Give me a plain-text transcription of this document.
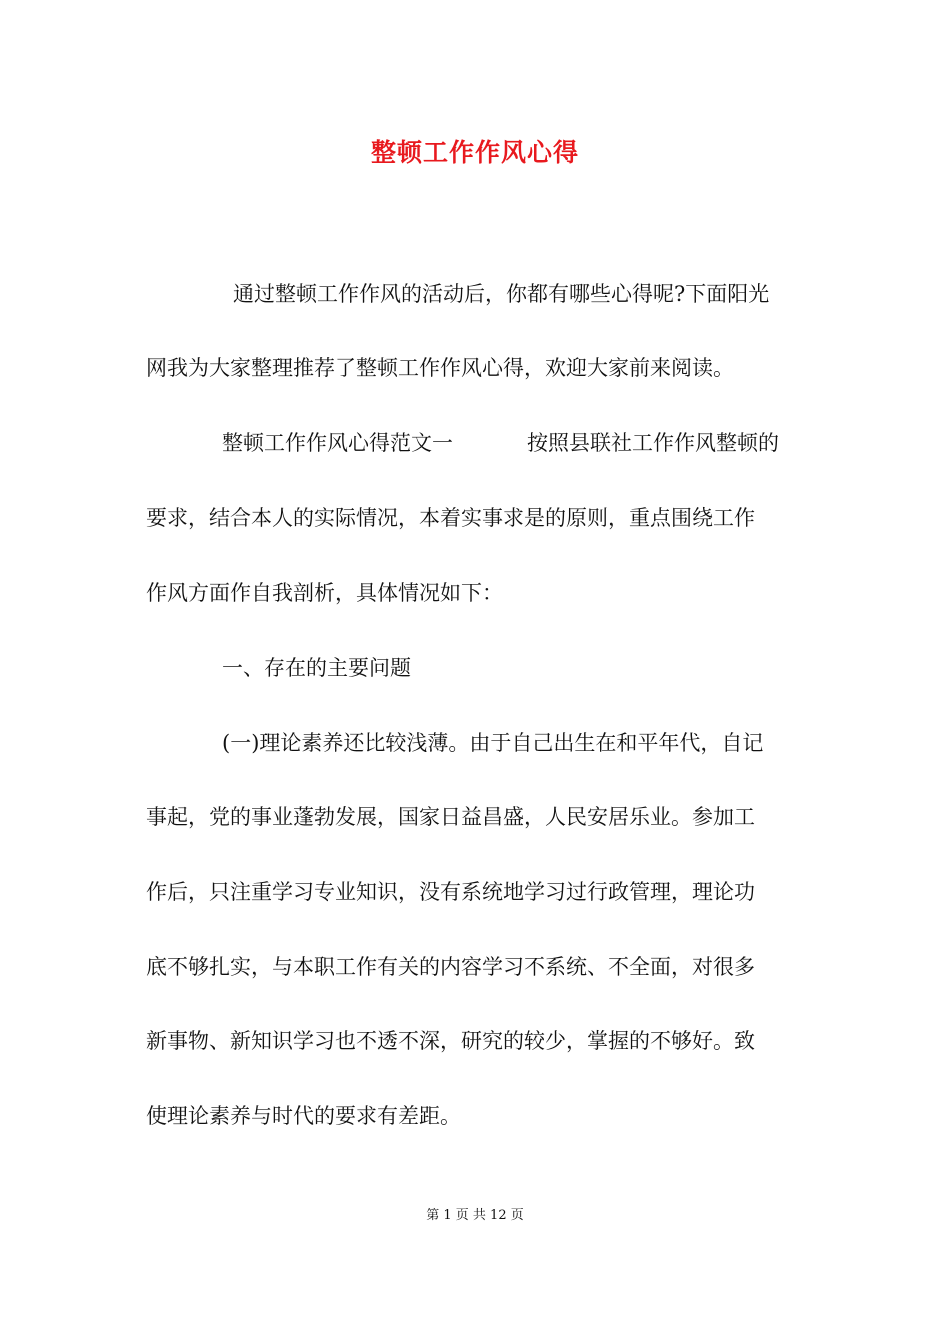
整顿工作作风心得
通过整顿工作作风的活动后，你都有哪些心得呢?下面阳光
网我为大家整理推荐了整顿工作作风心得，欢迎大家前来阅读。
整顿工作作风心得范文一	按照县联社工作作风整顿的
要求，结合本人的实际情况，本着实事求是的原则，重点围绕工作
作风方面作自我剖析，具体情况如下：
一、存在的主要问题
(一)理论素养还比较浅薄。由于自己出生在和平年代，自记
事起，党的事业蓬勃发展，国家日益昌盛，人民安居乐业。参加工
作后，只注重学习专业知识，没有系统地学习过行政管理，理论功
底不够扎实，与本职工作有关的内容学习不系统、不全面，对很多
新事物、新知识学习也不透不深，研究的较少，掌握的不够好。致
使理论素养与时代的要求有差距。
第 1 页 共 12 页
